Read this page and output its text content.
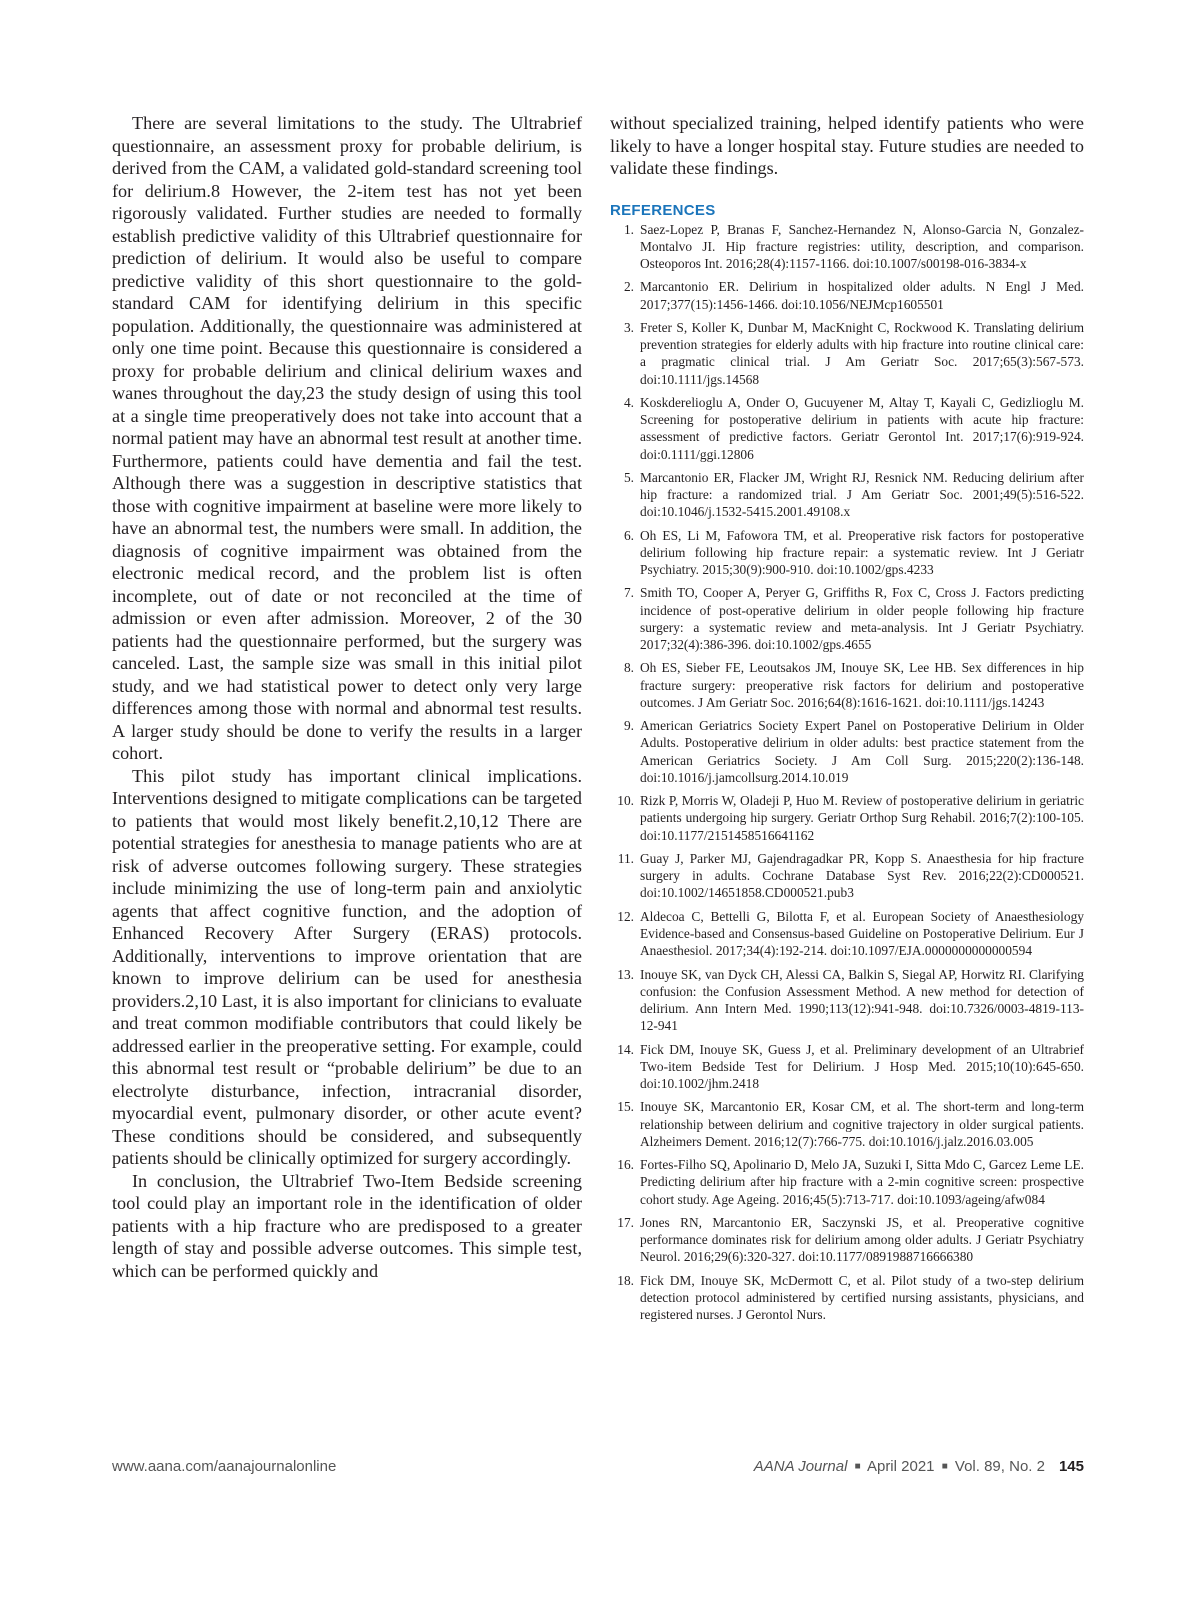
There are several limitations to the study. The Ultrabrief questionnaire, an assessment proxy for probable delirium, is derived from the CAM, a validated gold-standard screening tool for delirium.8 However, the 2-item test has not yet been rigorously validated. Further studies are needed to formally establish predictive validity of this Ultrabrief questionnaire for prediction of delirium. It would also be useful to compare predictive validity of this short questionnaire to the gold-standard CAM for identifying delirium in this specific population. Additionally, the questionnaire was administered at only one time point. Because this questionnaire is considered a proxy for probable delirium and clinical delirium waxes and wanes throughout the day,23 the study design of using this tool at a single time preoperatively does not take into account that a normal patient may have an abnormal test result at another time. Furthermore, patients could have dementia and fail the test. Although there was a suggestion in descriptive statistics that those with cognitive impairment at baseline were more likely to have an abnormal test, the numbers were small. In addition, the diagnosis of cognitive impairment was obtained from the electronic medical record, and the problem list is often incomplete, out of date or not reconciled at the time of admission or even after admission. Moreover, 2 of the 30 patients had the questionnaire performed, but the surgery was canceled. Last, the sample size was small in this initial pilot study, and we had statistical power to detect only very large differences among those with normal and abnormal test results. A larger study should be done to verify the results in a larger cohort.

This pilot study has important clinical implications. Interventions designed to mitigate complications can be targeted to patients that would most likely benefit.2,10,12 There are potential strategies for anesthesia to manage patients who are at risk of adverse outcomes following surgery. These strategies include minimizing the use of long-term pain and anxiolytic agents that affect cognitive function, and the adoption of Enhanced Recovery After Surgery (ERAS) protocols. Additionally, interventions to improve orientation that are known to improve delirium can be used for anesthesia providers.2,10 Last, it is also important for clinicians to evaluate and treat common modifiable contributors that could likely be addressed earlier in the preoperative setting. For example, could this abnormal test result or “probable delirium” be due to an electrolyte disturbance, infection, intracranial disorder, myocardial event, pulmonary disorder, or other acute event? These conditions should be considered, and subsequently patients should be clinically optimized for surgery accordingly.

In conclusion, the Ultrabrief Two-Item Bedside screening tool could play an important role in the identification of older patients with a hip fracture who are predisposed to a greater length of stay and possible adverse outcomes. This simple test, which can be performed quickly and

without specialized training, helped identify patients who were likely to have a longer hospital stay. Future studies are needed to validate these findings.

REFERENCES
1. Saez-Lopez P, Branas F, Sanchez-Hernandez N, Alonso-Garcia N, Gonzalez-Montalvo JI. Hip fracture registries: utility, description, and comparison. Osteoporos Int. 2016;28(4):1157-1166. doi:10.1007/s00198-016-3834-x
2. Marcantonio ER. Delirium in hospitalized older adults. N Engl J Med. 2017;377(15):1456-1466. doi:10.1056/NEJMcp1605501
3. Freter S, Koller K, Dunbar M, MacKnight C, Rockwood K. Translating delirium prevention strategies for elderly adults with hip fracture into routine clinical care: a pragmatic clinical trial. J Am Geriatr Soc. 2017;65(3):567-573. doi:10.1111/jgs.14568
4. Koskderelioglu A, Onder O, Gucuyener M, Altay T, Kayali C, Gedizlioglu M. Screening for postoperative delirium in patients with acute hip fracture: assessment of predictive factors. Geriatr Gerontol Int. 2017;17(6):919-924. doi:0.1111/ggi.12806
5. Marcantonio ER, Flacker JM, Wright RJ, Resnick NM. Reducing delirium after hip fracture: a randomized trial. J Am Geriatr Soc. 2001;49(5):516-522. doi:10.1046/j.1532-5415.2001.49108.x
6. Oh ES, Li M, Fafowora TM, et al. Preoperative risk factors for postoperative delirium following hip fracture repair: a systematic review. Int J Geriatr Psychiatry. 2015;30(9):900-910. doi:10.1002/gps.4233
7. Smith TO, Cooper A, Peryer G, Griffiths R, Fox C, Cross J. Factors predicting incidence of post-operative delirium in older people following hip fracture surgery: a systematic review and meta-analysis. Int J Geriatr Psychiatry. 2017;32(4):386-396. doi:10.1002/gps.4655
8. Oh ES, Sieber FE, Leoutsakos JM, Inouye SK, Lee HB. Sex differences in hip fracture surgery: preoperative risk factors for delirium and postoperative outcomes. J Am Geriatr Soc. 2016;64(8):1616-1621. doi:10.1111/jgs.14243
9. American Geriatrics Society Expert Panel on Postoperative Delirium in Older Adults. Postoperative delirium in older adults: best practice statement from the American Geriatrics Society. J Am Coll Surg. 2015;220(2):136-148. doi:10.1016/j.jamcollsurg.2014.10.019
10. Rizk P, Morris W, Oladeji P, Huo M. Review of postoperative delirium in geriatric patients undergoing hip surgery. Geriatr Orthop Surg Rehabil. 2016;7(2):100-105. doi:10.1177/2151458516641162
11. Guay J, Parker MJ, Gajendragadkar PR, Kopp S. Anaesthesia for hip fracture surgery in adults. Cochrane Database Syst Rev. 2016;22(2):CD000521. doi:10.1002/14651858.CD000521.pub3
12. Aldecoa C, Bettelli G, Bilotta F, et al. European Society of Anaesthesiology Evidence-based and Consensus-based Guideline on Postoperative Delirium. Eur J Anaesthesiol. 2017;34(4):192-214. doi:10.1097/EJA.0000000000000594
13. Inouye SK, van Dyck CH, Alessi CA, Balkin S, Siegal AP, Horwitz RI. Clarifying confusion: the Confusion Assessment Method. A new method for detection of delirium. Ann Intern Med. 1990;113(12):941-948. doi:10.7326/0003-4819-113-12-941
14. Fick DM, Inouye SK, Guess J, et al. Preliminary development of an Ultrabrief Two-item Bedside Test for Delirium. J Hosp Med. 2015;10(10):645-650. doi:10.1002/jhm.2418
15. Inouye SK, Marcantonio ER, Kosar CM, et al. The short-term and long-term relationship between delirium and cognitive trajectory in older surgical patients. Alzheimers Dement. 2016;12(7):766-775. doi:10.1016/j.jalz.2016.03.005
16. Fortes-Filho SQ, Apolinario D, Melo JA, Suzuki I, Sitta Mdo C, Garcez Leme LE. Predicting delirium after hip fracture with a 2-min cognitive screen: prospective cohort study. Age Ageing. 2016;45(5):713-717. doi:10.1093/ageing/afw084
17. Jones RN, Marcantonio ER, Saczynski JS, et al. Preoperative cognitive performance dominates risk for delirium among older adults. J Geriatr Psychiatry Neurol. 2016;29(6):320-327. doi:10.1177/0891988716666380
18. Fick DM, Inouye SK, McDermott C, et al. Pilot study of a two-step delirium detection protocol administered by certified nursing assistants, physicians, and registered nurses. J Gerontol Nurs.
www.aana.com/aanajournalonline	AANA Journal ■ April 2021 ■ Vol. 89, No. 2 145
